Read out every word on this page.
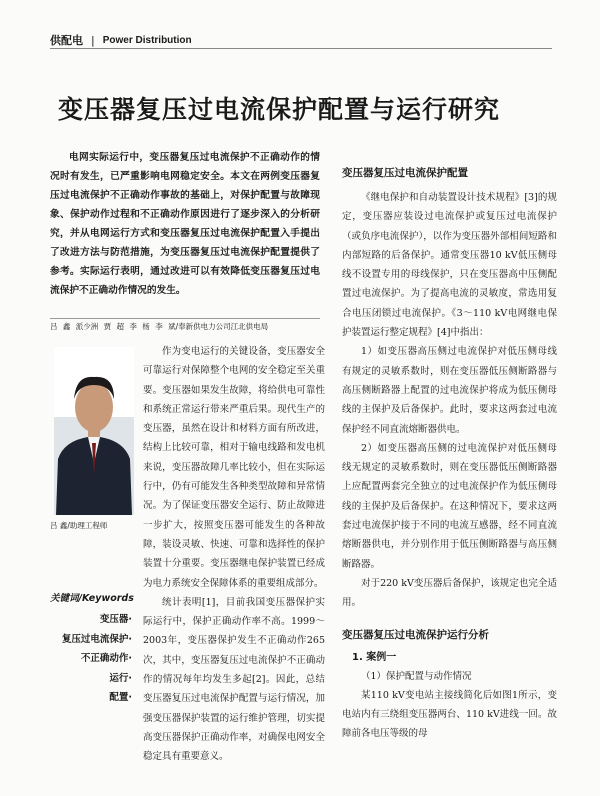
供配电 | Power Distribution
变压器复压过电流保护配置与运行研究
电网实际运行中，变压器复压过电流保护不正确动作的情况时有发生，已严重影响电网稳定安全。本文在两例变压器复压过电流保护不正确动作事故的基础上，对保护配置与故障现象、保护动作过程和不正确动作原因进行了逐步深入的分析研究，并从电网运行方式和变压器复压过电流保护配置入手提出了改进方法与防范措施，为变压器复压过电流保护配置提供了参考。实际运行表明，通过改进可以有效降低变压器复压过电流保护不正确动作情况的发生。
吕 鑫 派少洲 贾 超 李 杨 李 斌/奉新供电力公司江北供电局
吕 鑫/助理工程师

作为变电运行的关键设备，变压器安全可靠运行对保障整个电网的安全稳定至关重要。变压器如果发生故障，将给供电可靠性和系统正常运行带来严重后果。现代生产的变压器，虽然在设计和材料方面有所改进，结构上比较可靠，相对于输电线路和发电机来说，变压器故障几率比较小，但在实际运行中，仍有可能发生各种类型故障和异常情况。为了保证变压器安全运行、防止故障进一步扩大，按照变压器可能发生的各种故障，装设灵敏、快速、可靠和选择性的保护装置十分重要。变压器继电保护装置已经成为电力系统安全保障体系的重要组成部分。

统计表明[1]，目前我国变压器保护实际运行中，保护正确动作率不高。1999～2003年，变压器保护发生不正确动作265次，其中，变压器复压过电流保护不正确动作的情况每年均发生多起[2]。因此，总结变压器复压过电流保护配置与运行情况，加强变压器保护装置的运行维护管理，切实提高变压器保护正确动作率，对确保电网安全稳定具有重要意义。

关键词/Keywords
变压器·
复压过电流保护·
不正确动作·
运行·
配置·

变压器复压过电流保护配置

《继电保护和自动装置设计技术规程》[3]的规定，变压器应装设过电流保护或复压过电流保护（或负序电流保护），以作为变压器外部相间短路和内部短路的后备保护。通常变压器10 kV低压侧母线不设置专用的母线保护，只在变压器高中压侧配置过电流保护。为了提高电流的灵敏度，常选用复合电压闭锁过电流保护。《3～110 kV电网继电保护装置运行整定规程》[4]中指出：

1）如变压器高压侧过电流保护对低压侧母线有规定的灵敏系数时，则在变压器低压侧断路器与高压侧断路器上配置的过电流保护将成为低压侧母线的主保护及后备保护。此时，要求这两套过电流保护经不同直流熔断器供电。

2）如变压器高压侧的过电流保护对低压侧母线无规定的灵敏系数时，则在变压器低压侧断路器上应配置两套完全独立的过电流保护作为低压侧母线的主保护及后备保护。在这种情况下，要求这两套过电流保护接于不同的电流互感器，经不同直流熔断器供电，并分别作用于低压侧断路器与高压侧断路器。

对于220 kV变压器后备保护，该规定也完全适用。

变压器复压过电流保护运行分析

1. 案例一

（1）保护配置与动作情况

某110 kV变电站主接线简化后如图1所示，变电站内有三绕组变压器两台、110 kV进线一回。故障前各电压等级的母
